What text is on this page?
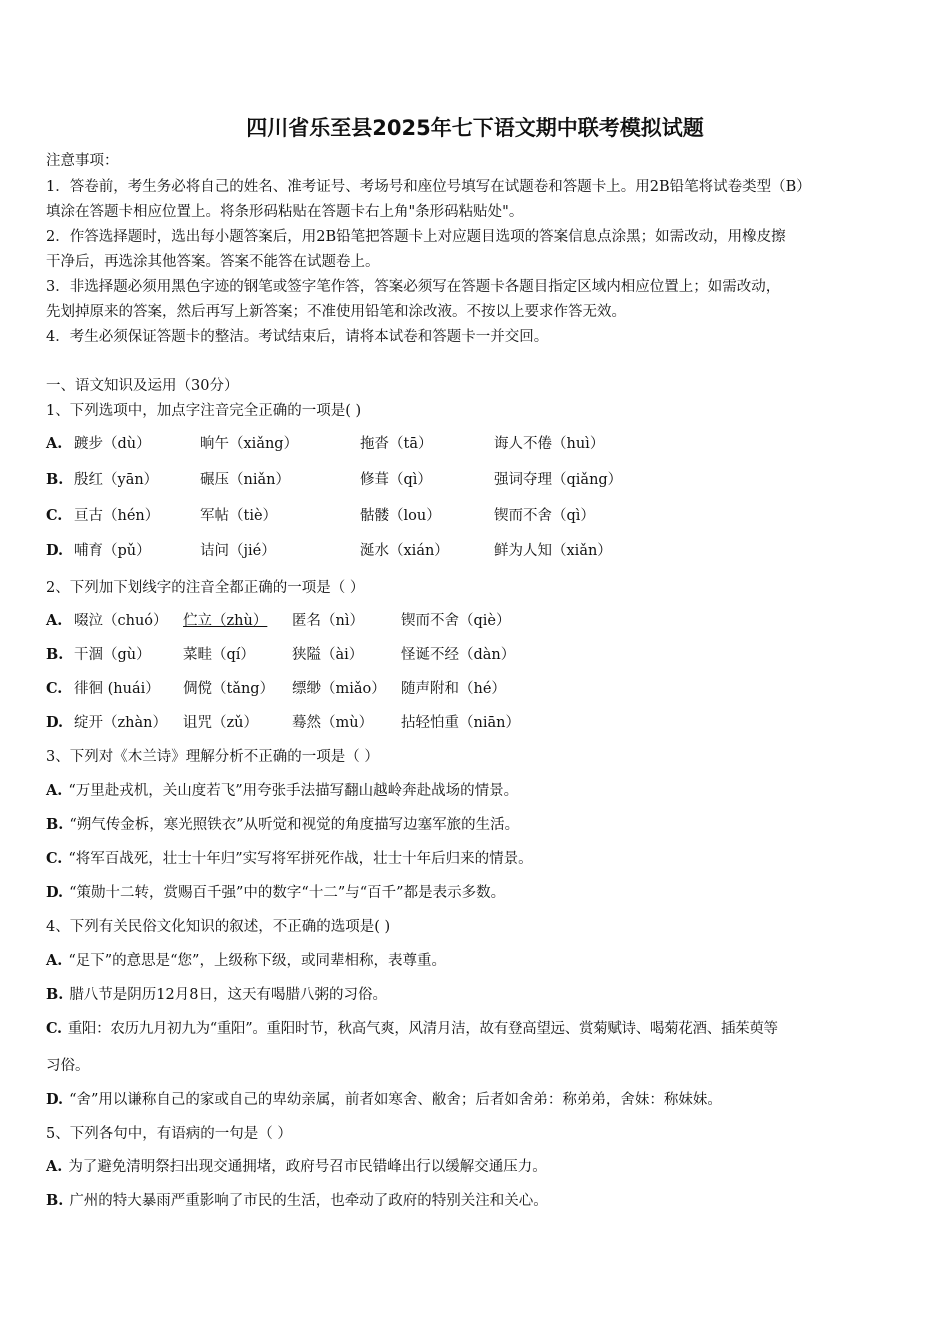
四川省乐至县2025年七下语文期中联考模拟试题
注意事项：
1．答卷前，考生务必将自己的姓名、准考证号、考场号和座位号填写在试题卷和答题卡上。用2B铅笔将试卷类型（B）
填涂在答题卡相应位置上。将条形码粘贴在答题卡右上角"条形码粘贴处"。
2．作答选择题时，选出每小题答案后，用2B铅笔把答题卡上对应题目选项的答案信息点涂黑；如需改动，用橡皮擦
干净后，再选涂其他答案。答案不能答在试题卷上。
3．非选择题必须用黑色字迹的钢笔或签字笔作答，答案必须写在答题卡各题目指定区域内相应位置上；如需改动，
先划掉原来的答案，然后再写上新答案；不准使用铅笔和涂改液。不按以上要求作答无效。
4．考生必须保证答题卡的整洁。考试结束后，请将本试卷和答题卡一并交回。
一、语文知识及运用（30分）
1、下列选项中，加点字注音完全正确的一项是( )
A. 踱步（dù）	晌午（xiǎng）	拖沓（tā）	诲人不倦（huì）
B. 殷红（yān）	碾压（niǎn）	修葺（qì）	强词夺理（qiǎng）
C. 亘古（hén）	军帖（tiè）	骷髅（lou）	锲而不舍（qì）
D. 哺育（pǔ）	诘问（jié）	涎水（xián）	鲜为人知（xiǎn）
2、下列加下划线字的注音全都正确的一项是（ ）
A. 啜泣（chuó） 伫立（zhù） 匿名（nì）	锲而不舍（qiè）
B. 干涸（gù） 菜畦（qí）	狭隘（ài）	怪诞不经（dàn）
C. 徘徊 (huái） 倜傥（tǎng） 缥缈（miǎo） 随声附和（hé）
D. 绽开（zhàn） 诅咒（zǔ） 蓦然（mù） 拈轻怕重（niān）
3、下列对《木兰诗》理解分析不正确的一项是（ ）
A. “万里赴戎机，关山度若飞”用夸张手法描写翻山越岭奔赴战场的情景。
B. “朔气传金柝，寒光照铁衣”从听觉和视觉的角度描写边塞军旅的生活。
C. “将军百战死，壮士十年归”实写将军拼死作战，壮士十年后归来的情景。
D. “策勋十二转，赏赐百千强”中的数字“十二”与“百千”都是表示多数。
4、下列有关民俗文化知识的叙述，不正确的选项是( )
A. “足下”的意思是“您”，上级称下级，或同辈相称，表尊重。
B. 腊八节是阴历12月8日，这天有喝腊八粥的习俗。
C. 重阳：农历九月初九为“重阳”。重阳时节，秋高气爽，风清月洁，故有登高望远、赏菊赋诗、喝菊花酒、插茱萸等
习俗。
D. “舍”用以谦称自己的家或自己的卑幼亲属，前者如寒舍、敝舍；后者如舍弟：称弟弟，舍妹：称妹妹。
5、下列各句中，有语病的一句是（ ）
A. 为了避免清明祭扫出现交通拥堵，政府号召市民错峰出行以缓解交通压力。
B. 广州的特大暴雨严重影响了市民的生活，也牵动了政府的特别关注和关心。
